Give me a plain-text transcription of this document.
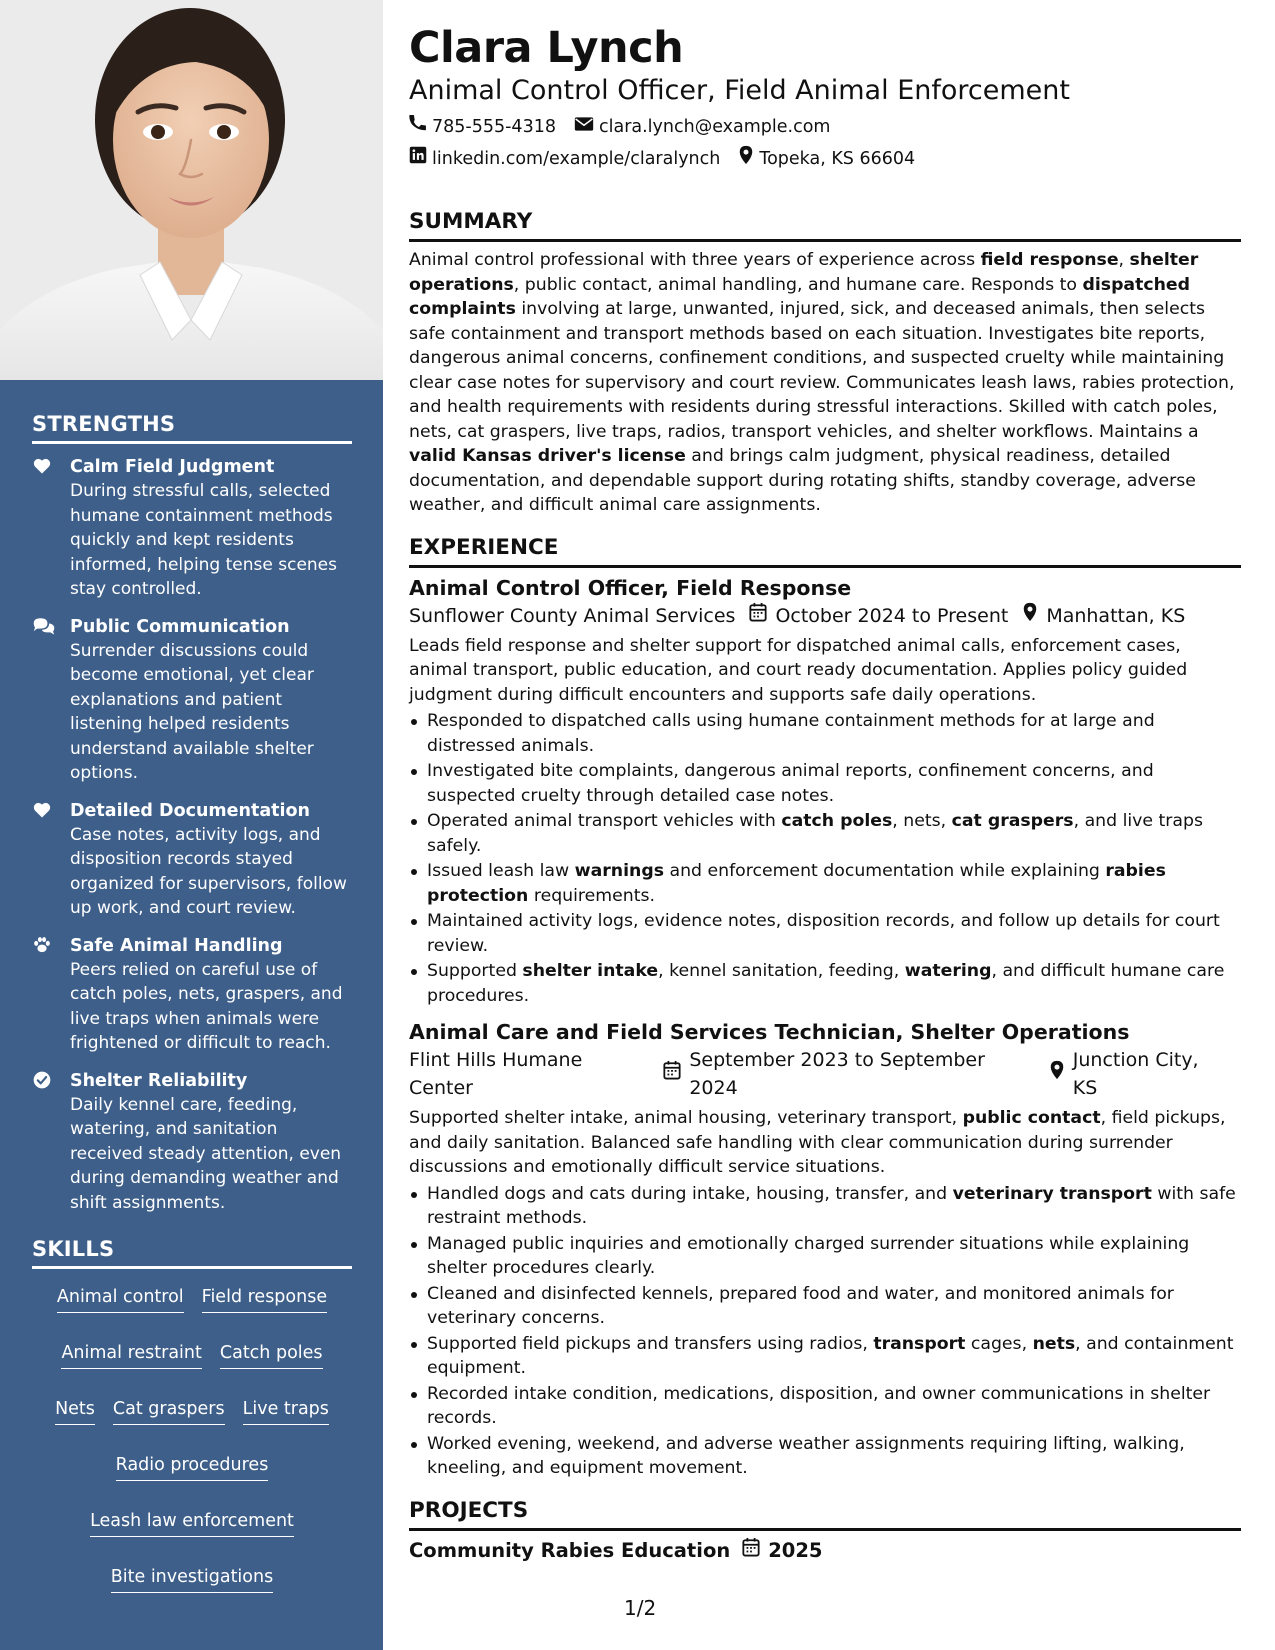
STRENGTHS
Calm Field Judgment
During stressful calls, selected humane containment methods quickly and kept residents informed, helping tense scenes stay controlled.
Public Communication
Surrender discussions could become emotional, yet clear explanations and patient listening helped residents understand available shelter options.
Detailed Documentation
Case notes, activity logs, and disposition records stayed organized for supervisors, follow up work, and court review.
Safe Animal Handling
Peers relied on careful use of catch poles, nets, graspers, and live traps when animals were frightened or difficult to reach.
Shelter Reliability
Daily kennel care, feeding, watering, and sanitation received steady attention, even during demanding weather and shift assignments.
SKILLS
Animal control Field response
Animal restraint Catch poles
Nets Cat graspers Live traps
Radio procedures
Leash law enforcement
Bite investigations
Clara Lynch
Animal Control Officer, Field Animal Enforcement
785-555-4318 clara.lynch@example.com
linkedin.com/example/claralynch Topeka, KS 66604
SUMMARY

Animal control professional with three years of experience across field response, shelter operations, public contact, animal handling, and humane care. Responds to dispatched complaints involving at large, unwanted, injured, sick, and deceased animals, then selects safe containment and transport methods based on each situation. Investigates bite reports, dangerous animal concerns, confinement conditions, and suspected cruelty while maintaining clear case notes for supervisory and court review. Communicates leash laws, rabies protection, and health requirements with residents during stressful interactions. Skilled with catch poles, nets, cat graspers, live traps, radios, transport vehicles, and shelter workflows. Maintains a valid Kansas driver's license and brings calm judgment, physical readiness, detailed documentation, and dependable support during rotating shifts, standby coverage, adverse weather, and difficult animal care assignments.

EXPERIENCE
Animal Control Officer, Field Response
Sunflower County Animal Services October 2024 to Present Manhattan, KS

Leads field response and shelter support for dispatched animal calls, enforcement cases, animal transport, public education, and court ready documentation. Applies policy guided judgment during difficult encounters and supports safe daily operations.

Responded to dispatched calls using humane containment methods for at large and distressed animals.
Investigated bite complaints, dangerous animal reports, confinement concerns, and suspected cruelty through detailed case notes.
Operated animal transport vehicles with catch poles, nets, cat graspers, and live traps safely.
Issued leash law warnings and enforcement documentation while explaining rabies protection requirements.
Maintained activity logs, evidence notes, disposition records, and follow up details for court review.
Supported shelter intake, kennel sanitation, feeding, watering, and difficult humane care procedures.
Animal Care and Field Services Technician, Shelter Operations
Flint Hills Humane Center
September 2023 to September 2024
Junction City, KS

Supported shelter intake, animal housing, veterinary transport, public contact, field pickups, and daily sanitation. Balanced safe handling with clear communication during surrender discussions and emotionally difficult service situations.

Handled dogs and cats during intake, housing, transfer, and veterinary transport with safe restraint methods.
Managed public inquiries and emotionally charged surrender situations while explaining shelter procedures clearly.
Cleaned and disinfected kennels, prepared food and water, and monitored animals for veterinary concerns.
Supported field pickups and transfers using radios, transport cages, nets, and containment equipment.
Recorded intake condition, medications, disposition, and owner communications in shelter records.
Worked evening, weekend, and adverse weather assignments requiring lifting, walking, kneeling, and equipment movement.
PROJECTS
Community Rabies Education 2025
1/2
